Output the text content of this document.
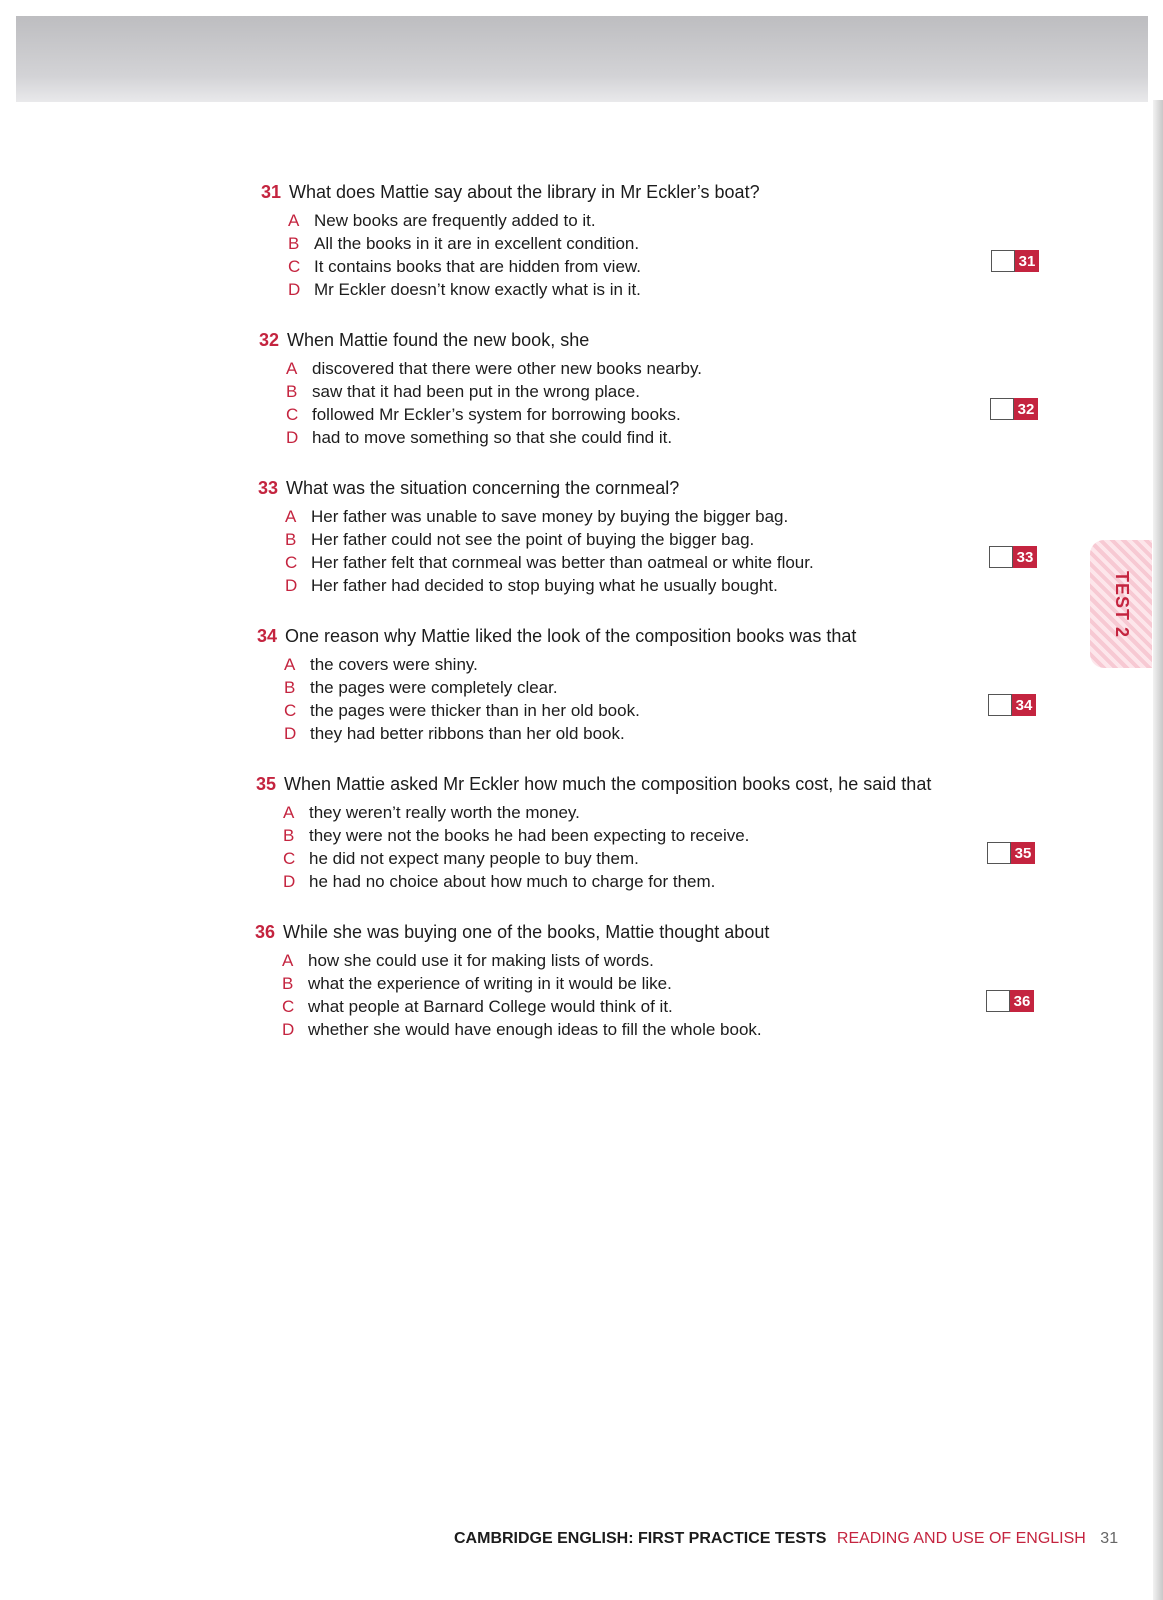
31 What does Mattie say about the library in Mr Eckler’s boat?
A New books are frequently added to it.
B All the books in it are in excellent condition.
C It contains books that are hidden from view.
D Mr Eckler doesn’t know exactly what is in it.
31
32 When Mattie found the new book, she
A discovered that there were other new books nearby.
B saw that it had been put in the wrong place.
C followed Mr Eckler’s system for borrowing books.
D had to move something so that she could find it.
32
33 What was the situation concerning the cornmeal?
A Her father was unable to save money by buying the bigger bag.
B Her father could not see the point of buying the bigger bag.
C Her father felt that cornmeal was better than oatmeal or white flour.
D Her father had decided to stop buying what he usually bought.
33
34 One reason why Mattie liked the look of the composition books was that
A the covers were shiny.
B the pages were completely clear.
C the pages were thicker than in her old book.
D they had better ribbons than her old book.
34
35 When Mattie asked Mr Eckler how much the composition books cost, he said that
A they weren’t really worth the money.
B they were not the books he had been expecting to receive.
C he did not expect many people to buy them.
D he had no choice about how much to charge for them.
35
36 While she was buying one of the books, Mattie thought about
A how she could use it for making lists of words.
B what the experience of writing in it would be like.
C what people at Barnard College would think of it.
D whether she would have enough ideas to fill the whole book.
36
TEST 2
CAMBRIDGE ENGLISH: FIRST PRACTICE TESTS READING AND USE OF ENGLISH 31
